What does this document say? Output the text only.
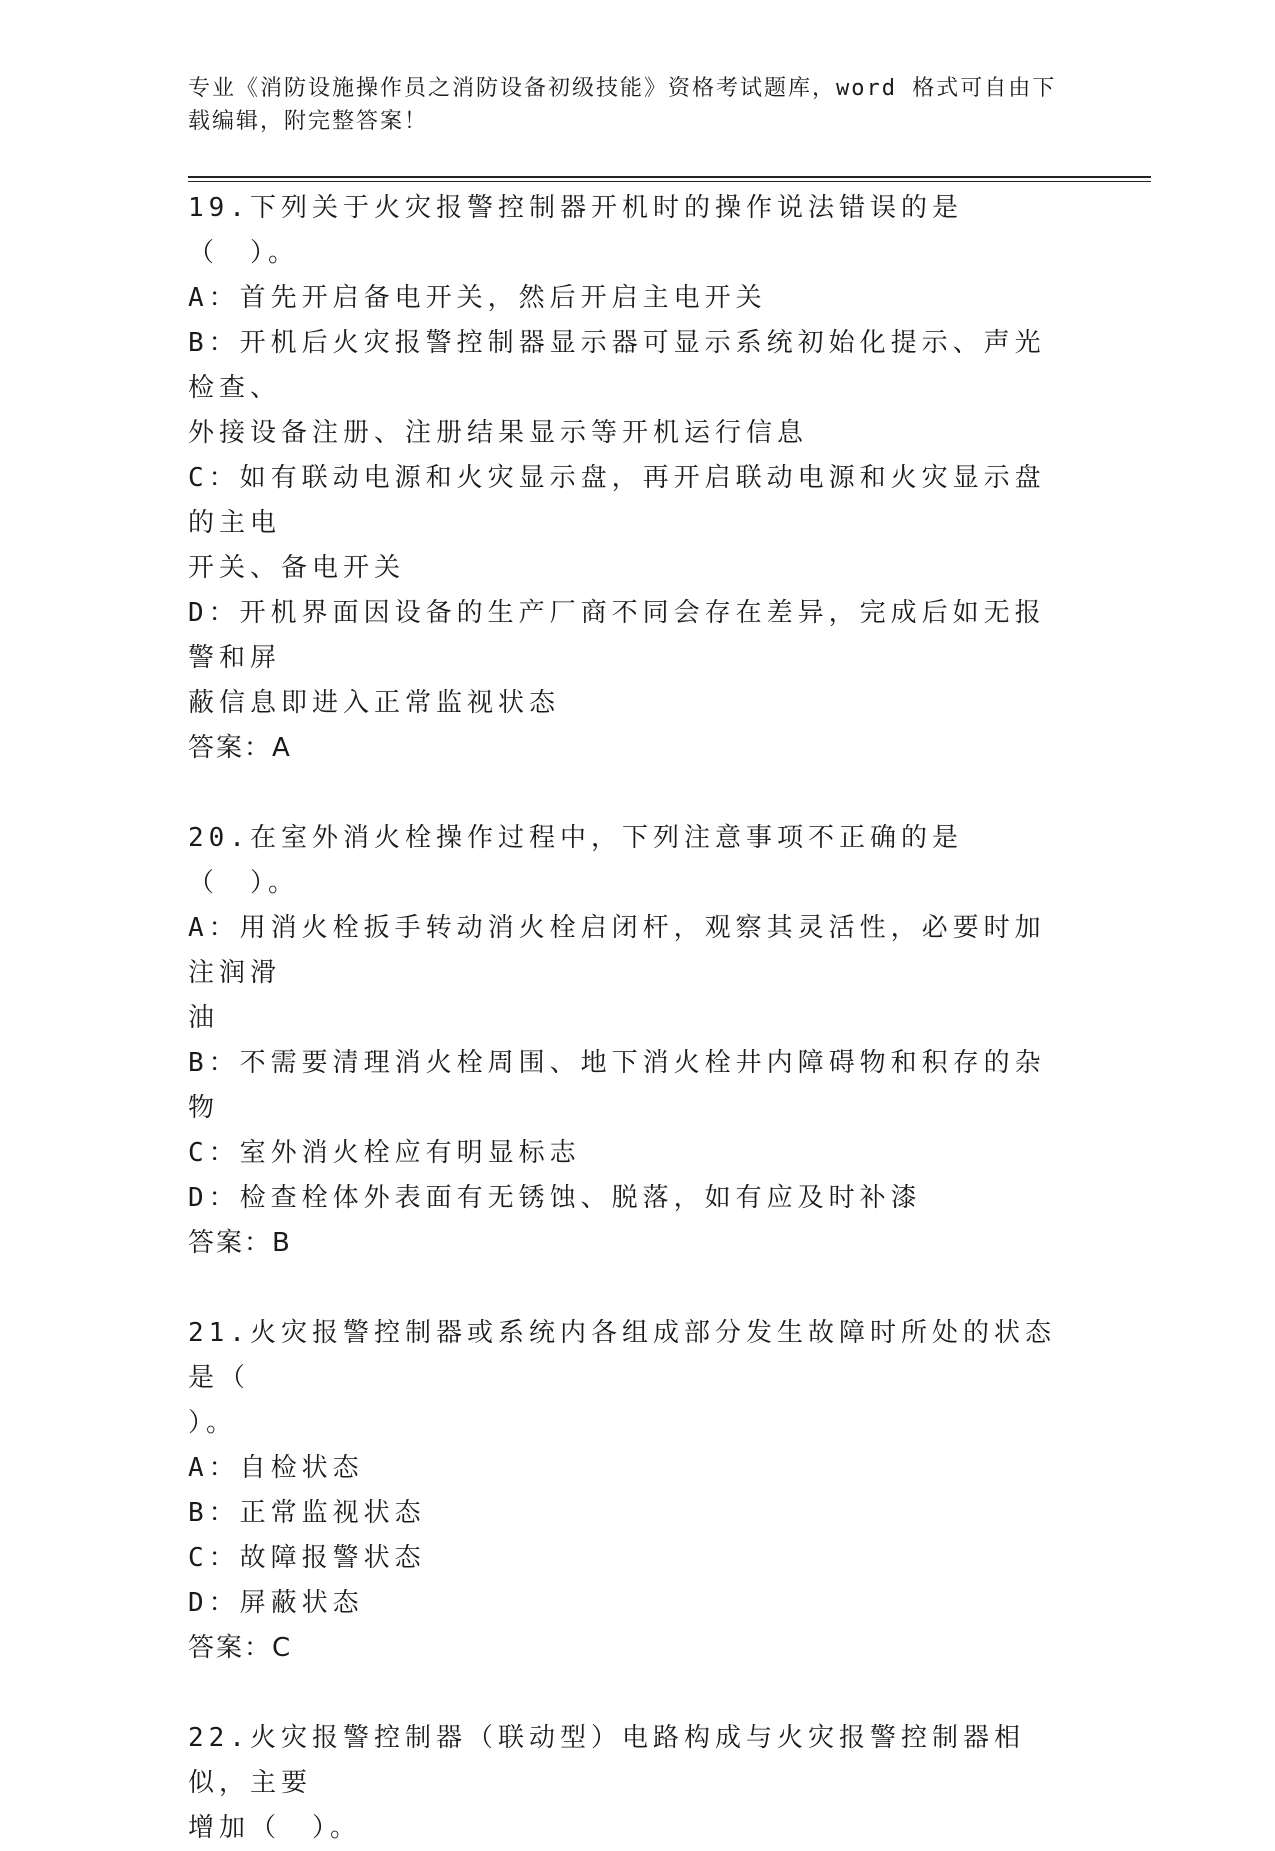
专业《消防设施操作员之消防设备初级技能》资格考试题库，word 格式可自由下载编辑，附完整答案！
19.下列关于火灾报警控制器开机时的操作说法错误的是（　）。
A：首先开启备电开关，然后开启主电开关
B：开机后火灾报警控制器显示器可显示系统初始化提示、声光检查、
外接设备注册、注册结果显示等开机运行信息
C：如有联动电源和火灾显示盘，再开启联动电源和火灾显示盘的主电
开关、备电开关
D：开机界面因设备的生产厂商不同会存在差异，完成后如无报警和屏
蔽信息即进入正常监视状态
答案：A
20.在室外消火栓操作过程中，下列注意事项不正确的是（　）。
A：用消火栓扳手转动消火栓启闭杆，观察其灵活性，必要时加注润滑
油
B：不需要清理消火栓周围、地下消火栓井内障碍物和积存的杂物
C：室外消火栓应有明显标志
D：检查栓体外表面有无锈蚀、脱落，如有应及时补漆
答案：B
21.火灾报警控制器或系统内各组成部分发生故障时所处的状态是（
）。
A：自检状态
B：正常监视状态
C：故障报警状态
D：屏蔽状态
答案：C
22.火灾报警控制器（联动型）电路构成与火灾报警控制器相似，主要
增加（　）。
